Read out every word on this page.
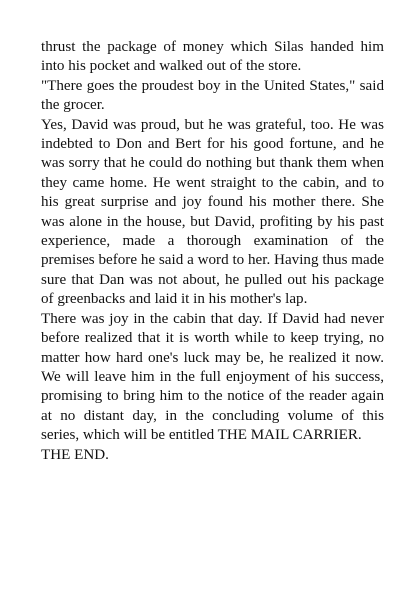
thrust the package of money which Silas handed him into his pocket and walked out of the store.

"There goes the proudest boy in the United States," said the grocer.

Yes, David was proud, but he was grateful, too. He was indebted to Don and Bert for his good fortune, and he was sorry that he could do nothing but thank them when they came home. He went straight to the cabin, and to his great surprise and joy found his mother there. She was alone in the house, but David, profiting by his past experience, made a thorough examination of the premises before he said a word to her. Having thus made sure that Dan was not about, he pulled out his package of greenbacks and laid it in his mother's lap.

There was joy in the cabin that day. If David had never before realized that it is worth while to keep trying, no matter how hard one's luck may be, he realized it now. We will leave him in the full enjoyment of his success, promising to bring him to the notice of the reader again at no distant day, in the concluding volume of this series, which will be entitled THE MAIL CARRIER.

THE END.
